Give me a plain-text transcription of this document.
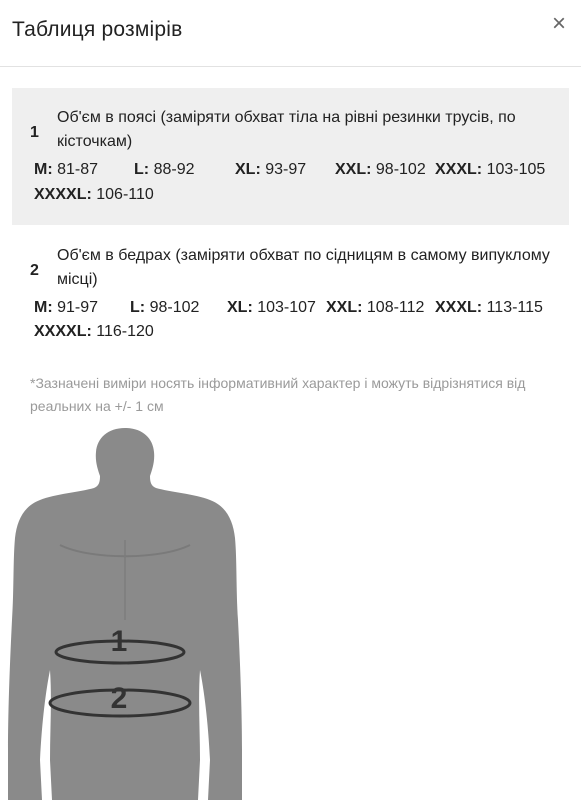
Таблиця розмірів	×
1
Об'єм в поясі (заміряти обхват тіла на рівні резинки трусів, по кісточкам)
M: 81-87 L: 88-92	XL: 93-97 XXL: 98-102 XXXL: 103-105
XXXXL: 106-110
2
Об'єм в бедрах (заміряти обхват по сідницям в самому випуклому місці)
M: 91-97 L: 98-102 XL: 103-107 XXL: 108-112 XXXL: 113-115
XXXXL: 116-120
*Зазначені виміри носять інформативний характер і можуть відрізнятися від реальних на +/- 1 см
1
2
